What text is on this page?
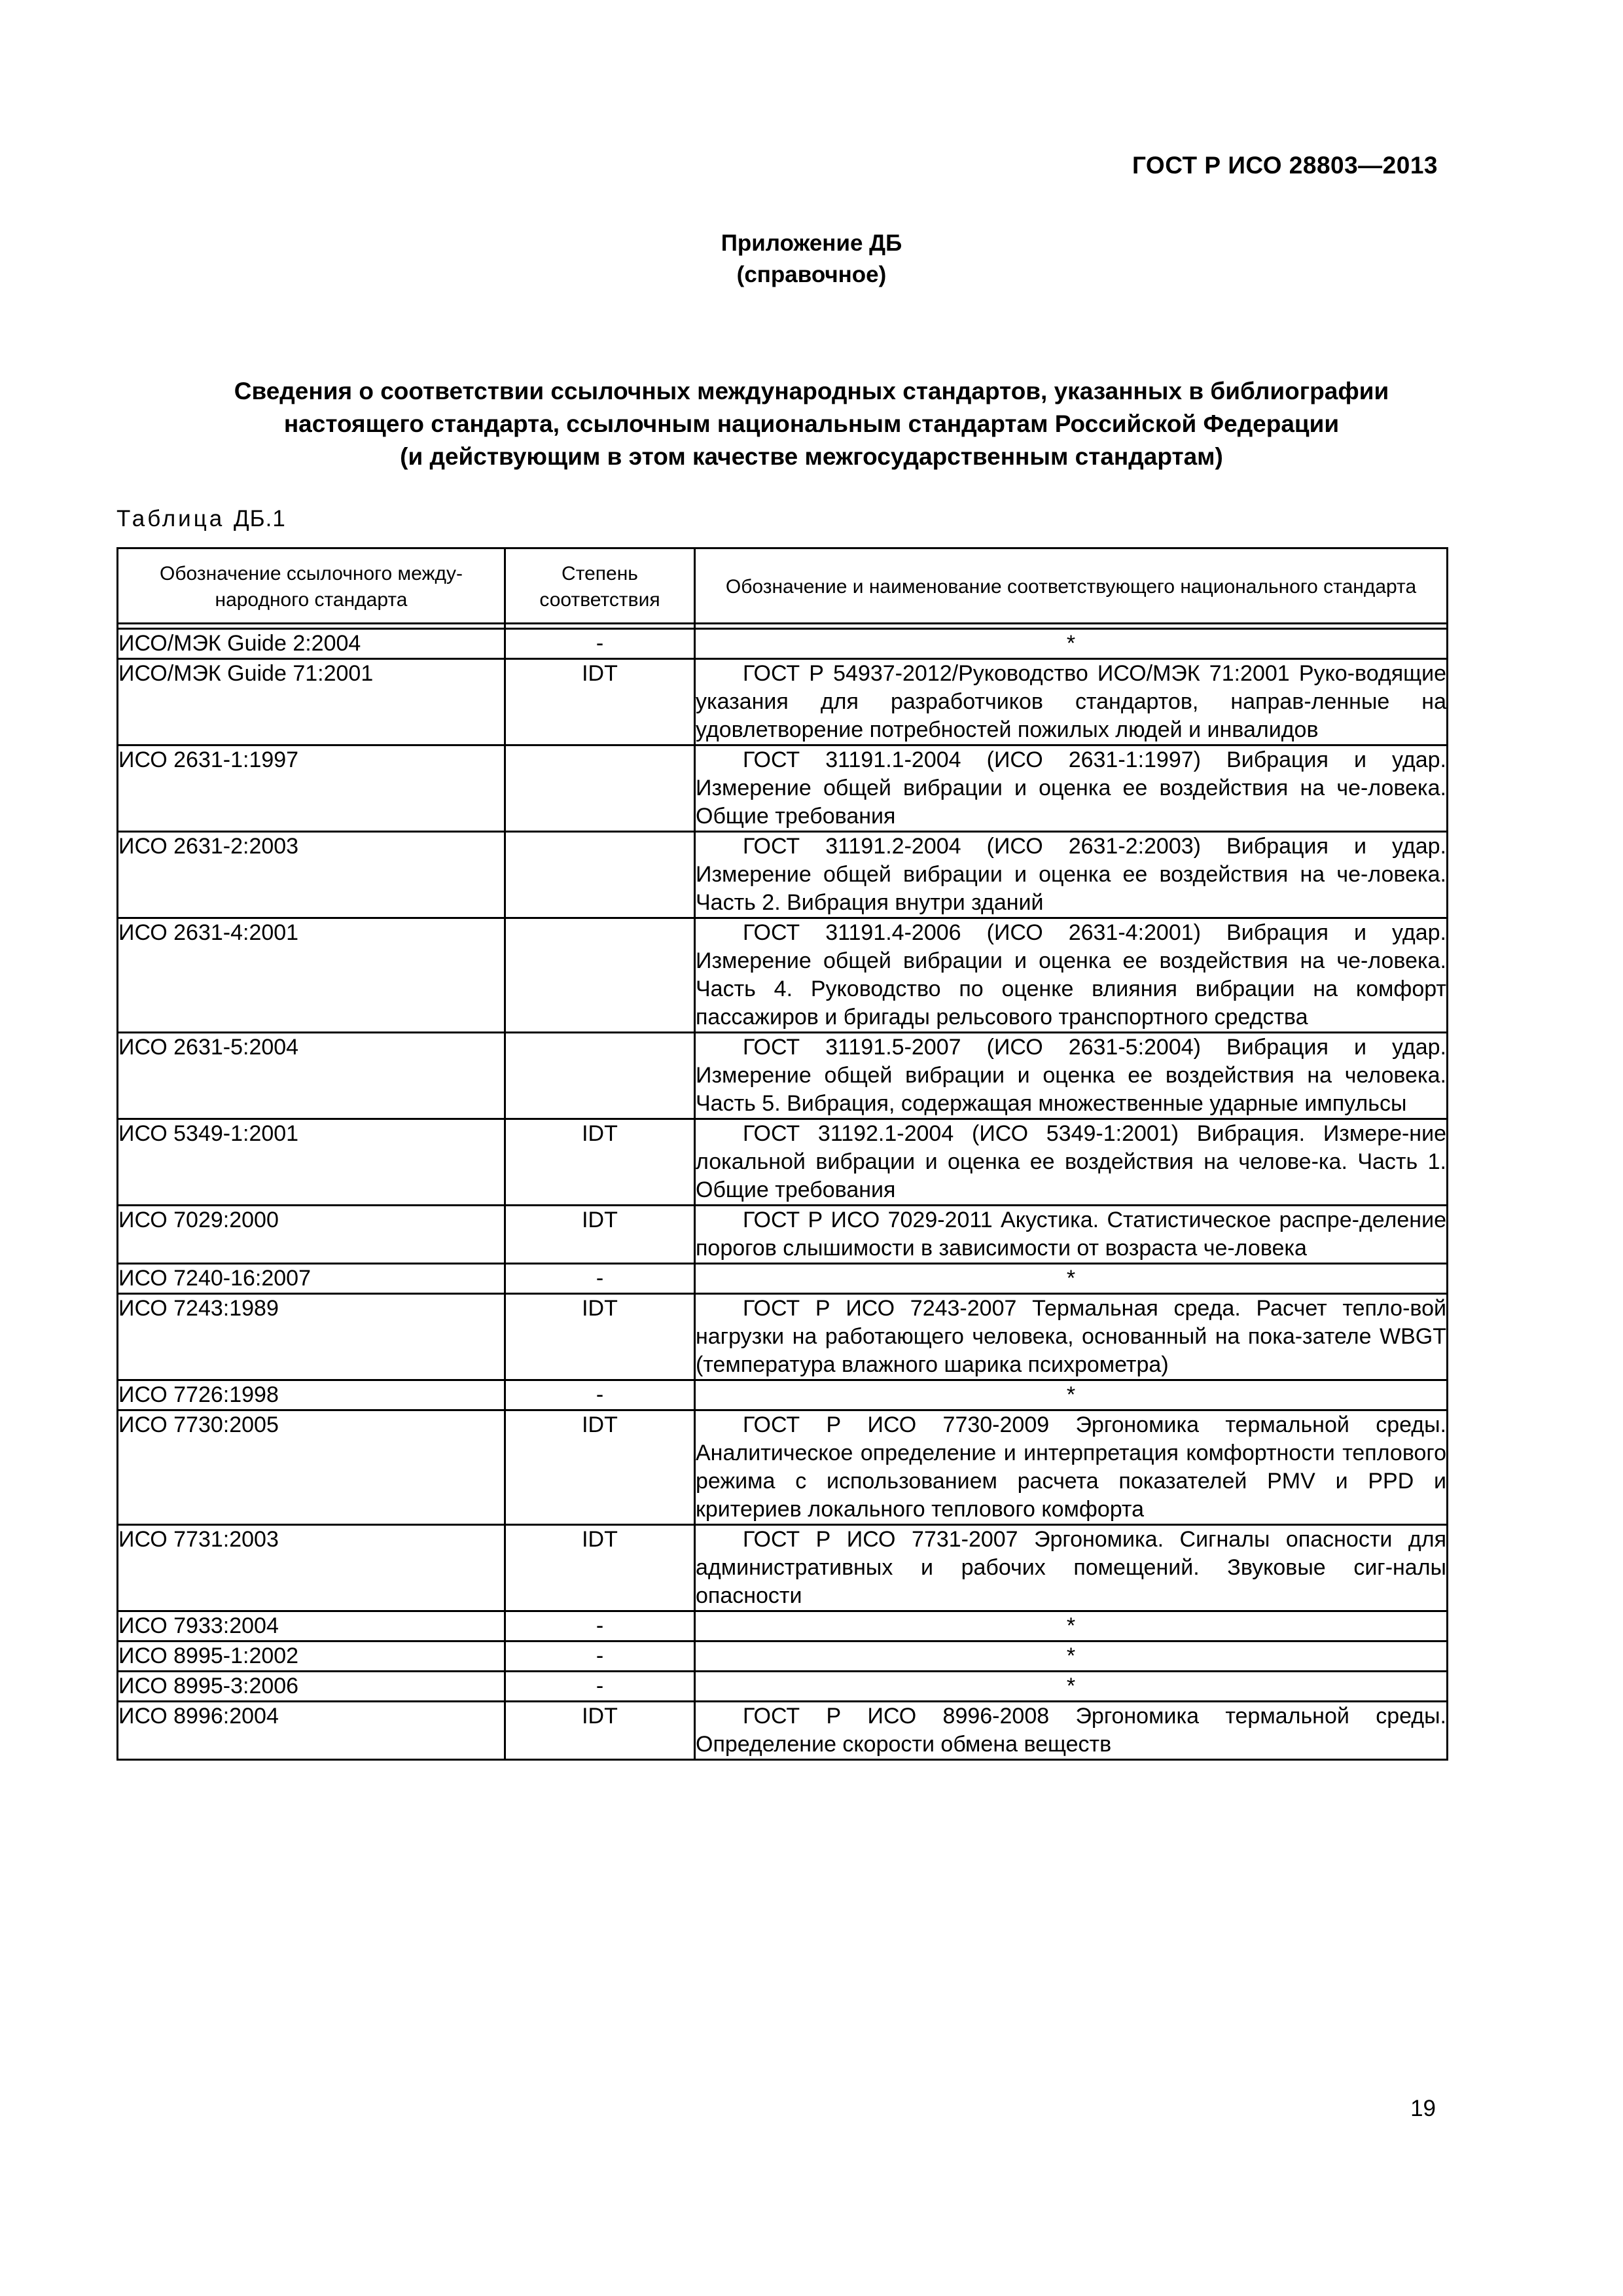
ГОСТ Р ИСО 28803—2013
Приложение ДБ
(справочное)
Сведения о соответствии ссылочных международных стандартов, указанных в библиографии
настоящего стандарта, ссылочным национальным стандартам Российской Федерации
(и действующим в этом качестве межгосударственным стандартам)
Таблица ДБ.1
Обозначение ссылочного между-народного стандарта	Степень соответствия	Обозначение и наименование соответствующего национального стандарта

ИСО/МЭК Guide 2:2004	-	*
ИСО/МЭК Guide 71:2001	IDT	ГОСТ Р 54937-2012/Руководство ИСО/МЭК 71:2001 Руко-водящие указания для разработчиков стандартов, направ-ленные на удовлетворение потребностей пожилых людей и инвалидов
ИСО 2631-1:1997		ГОСТ 31191.1-2004 (ИСО 2631-1:1997) Вибрация и удар. Измерение общей вибрации и оценка ее воздействия на че-ловека. Общие требования
ИСО 2631-2:2003		ГОСТ 31191.2-2004 (ИСО 2631-2:2003) Вибрация и удар. Измерение общей вибрации и оценка ее воздействия на че-ловека. Часть 2. Вибрация внутри зданий
ИСО 2631-4:2001		ГОСТ 31191.4-2006 (ИСО 2631-4:2001) Вибрация и удар. Измерение общей вибрации и оценка ее воздействия на че-ловека. Часть 4. Руководство по оценке влияния вибрации на комфорт пассажиров и бригады рельсового транспортного средства
ИСО 2631-5:2004		ГОСТ 31191.5-2007 (ИСО 2631-5:2004) Вибрация и удар. Измерение общей вибрации и оценка ее воздействия на человека. Часть 5. Вибрация, содержащая множественные ударные импульсы
ИСО 5349-1:2001	IDT	ГОСТ 31192.1-2004 (ИСО 5349-1:2001) Вибрация. Измере-ние локальной вибрации и оценка ее воздействия на челове-ка. Часть 1. Общие требования
ИСО 7029:2000	IDT	ГОСТ Р ИСО 7029-2011 Акустика. Статистическое распре-деление порогов слышимости в зависимости от возраста че-ловека
ИСО 7240-16:2007	-	*
ИСО 7243:1989	IDT	ГОСТ Р ИСО 7243-2007 Термальная среда. Расчет тепло-вой нагрузки на работающего человека, основанный на пока-зателе WBGT (температура влажного шарика психрометра)
ИСО 7726:1998	-	*
ИСО 7730:2005	IDT	ГОСТ Р ИСО 7730-2009 Эргономика термальной среды. Аналитическое определение и интерпретация комфортности теплового режима с использованием расчета показателей PMV и PPD и критериев локального теплового комфорта
ИСО 7731:2003	IDT	ГОСТ Р ИСО 7731-2007 Эргономика. Сигналы опасности для административных и рабочих помещений. Звуковые сиг-налы опасности
ИСО 7933:2004	-	*
ИСО 8995-1:2002	-	*
ИСО 8995-3:2006	-	*
ИСО 8996:2004	IDT	ГОСТ Р ИСО 8996-2008 Эргономика термальной среды. Определение скорости обмена веществ
19
